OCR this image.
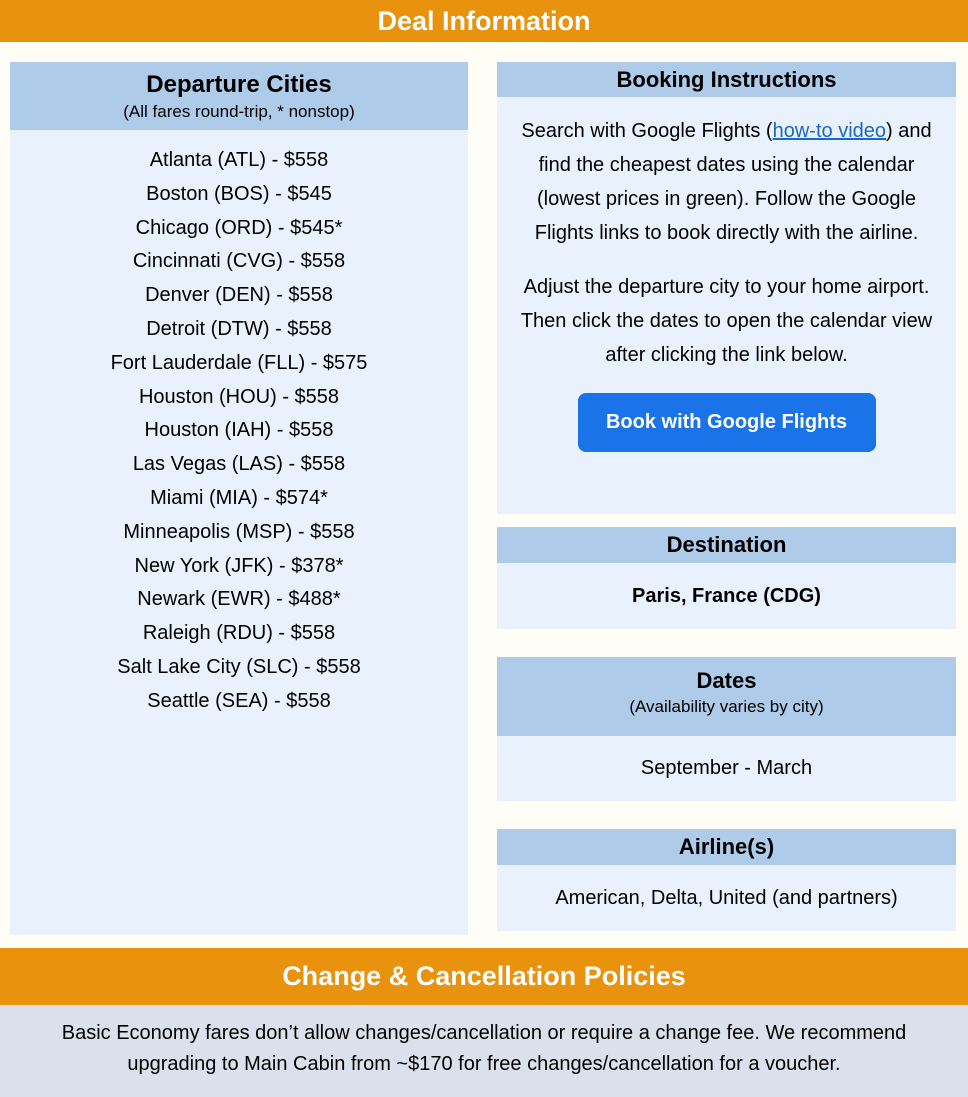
Deal Information
Departure Cities
(All fares round-trip, * nonstop)
Atlanta (ATL) - $558
Boston (BOS) - $545
Chicago (ORD) - $545*
Cincinnati (CVG) - $558
Denver (DEN) - $558
Detroit (DTW) - $558
Fort Lauderdale (FLL) - $575
Houston (HOU) - $558
Houston (IAH) - $558
Las Vegas (LAS) - $558
Miami (MIA) - $574*
Minneapolis (MSP) - $558
New York (JFK) - $378*
Newark (EWR) - $488*
Raleigh (RDU) - $558
Salt Lake City (SLC) - $558
Seattle (SEA) - $558
Booking Instructions

Search with Google Flights (how-to video) and find the cheapest dates using the calendar (lowest prices in green). Follow the Google Flights links to book directly with the airline.

Adjust the departure city to your home airport. Then click the dates to open the calendar view after clicking the link below.

Book with Google Flights
Destination
Paris, France (CDG)
Dates
(Availability varies by city)
September - March
Airline(s)
American, Delta, United (and partners)
Change & Cancellation Policies

Basic Economy fares don’t allow changes/cancellation or require a change fee. We recommend upgrading to Main Cabin from ~$170 for free changes/cancellation for a voucher.
